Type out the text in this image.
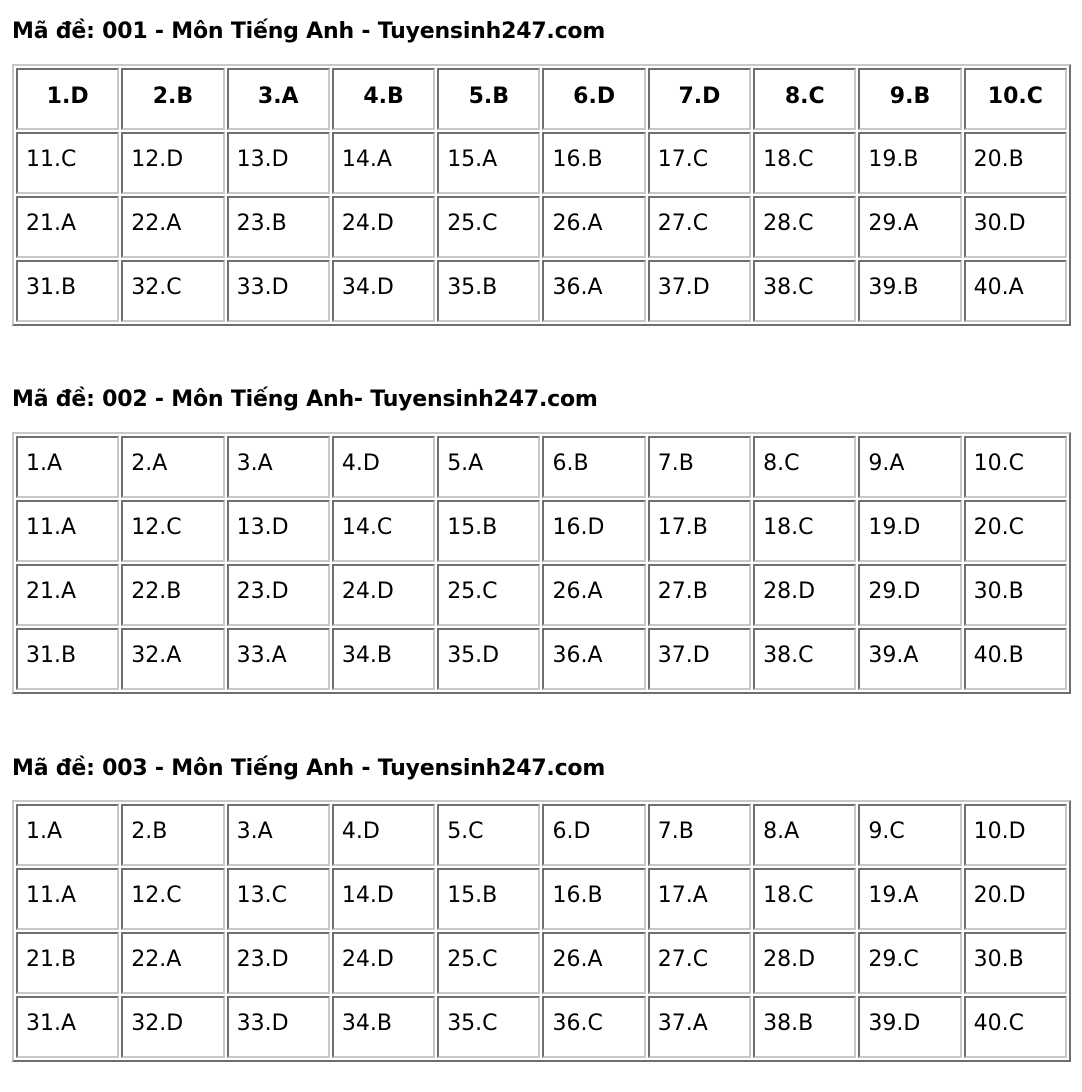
Mã đề: 001 - Môn Tiếng Anh - Tuyensinh247.com
1.D	2.B	3.A	4.B	5.B	6.D	7.D	8.C	9.B	10.C
11.C	12.D	13.D	14.A	15.A	16.B	17.C	18.C	19.B	20.B
21.A	22.A	23.B	24.D	25.C	26.A	27.C	28.C	29.A	30.D
31.B	32.C	33.D	34.D	35.B	36.A	37.D	38.C	39.B	40.A
Mã đề: 002 - Môn Tiếng Anh- Tuyensinh247.com
1.A	2.A	3.A	4.D	5.A	6.B	7.B	8.C	9.A	10.C
11.A	12.C	13.D	14.C	15.B	16.D	17.B	18.C	19.D	20.C
21.A	22.B	23.D	24.D	25.C	26.A	27.B	28.D	29.D	30.B
31.B	32.A	33.A	34.B	35.D	36.A	37.D	38.C	39.A	40.B
Mã đề: 003 - Môn Tiếng Anh - Tuyensinh247.com
1.A	2.B	3.A	4.D	5.C	6.D	7.B	8.A	9.C	10.D
11.A	12.C	13.C	14.D	15.B	16.B	17.A	18.C	19.A	20.D
21.B	22.A	23.D	24.D	25.C	26.A	27.C	28.D	29.C	30.B
31.A	32.D	33.D	34.B	35.C	36.C	37.A	38.B	39.D	40.C
